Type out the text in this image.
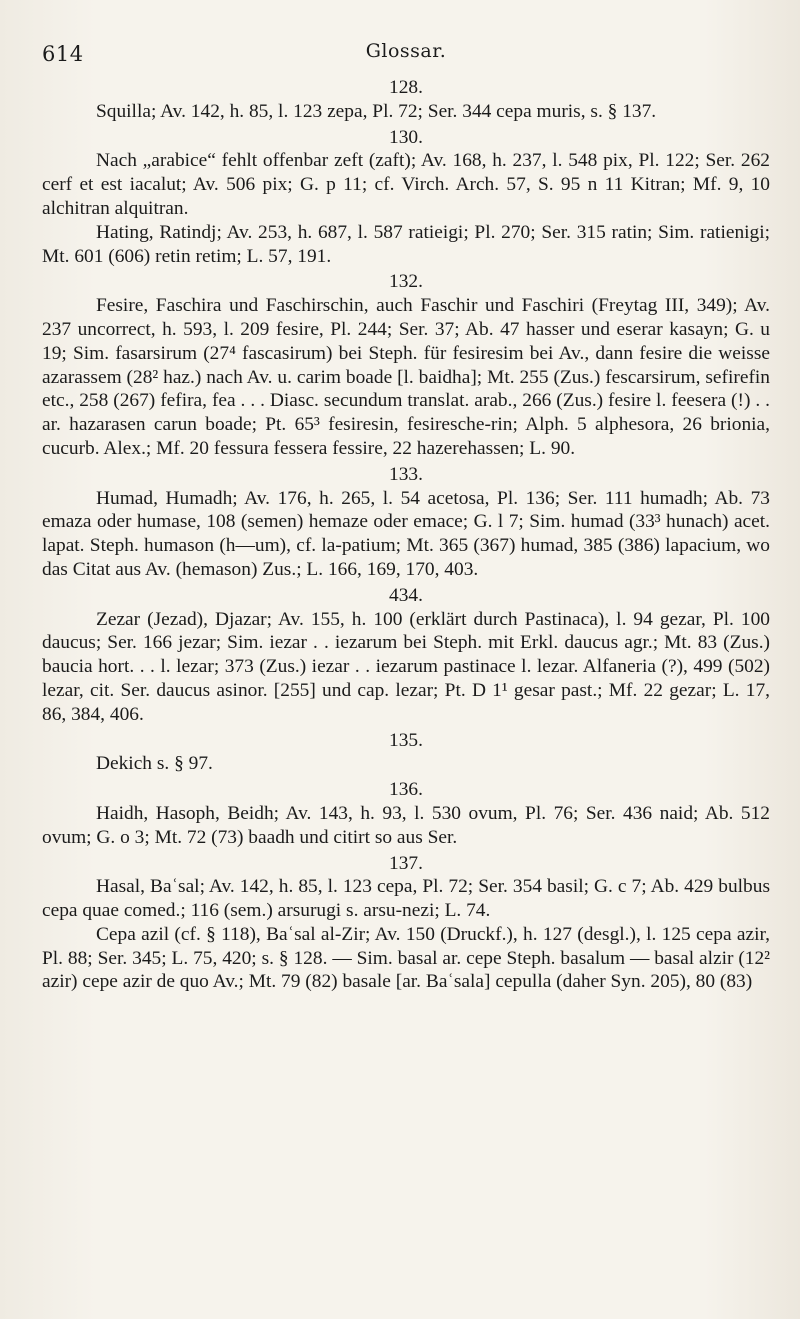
614	Glossar.
128.

Squilla; Av. 142, h. 85, l. 123 zepa, Pl. 72; Ser. 344 cepa muris, s. § 137.

130.

Nach „arabice“ fehlt offenbar zeft (zaft); Av. 168, h. 237, l. 548 pix, Pl. 122; Ser. 262 cerf et est iacalut; Av. 506 pix; G. p 11; cf. Virch. Arch. 57, S. 95 n 11 Kitran; Mf. 9, 10 alchitran alquitran.

Hating, Ratindj; Av. 253, h. 687, l. 587 ratieigi; Pl. 270; Ser. 315 ratin; Sim. ratienigi; Mt. 601 (606) retin retim; L. 57, 191.

132.

Fesire, Faschira und Faschirschin, auch Faschir und Faschiri (Freytag III, 349); Av. 237 uncorrect, h. 593, l. 209 fesire, Pl. 244; Ser. 37; Ab. 47 hasser und eserar kasayn; G. u 19; Sim. fasarsirum (27⁴ fascasirum) bei Steph. für fesiresim bei Av., dann fesire die weisse azarassem (28² haz.) nach Av. u. carim boade [l. baidha]; Mt. 255 (Zus.) fescarsirum, sefirefin etc., 258 (267) fefira, fea . . . Diasc. secundum translat. arab., 266 (Zus.) fesire l. feesera (!) . . ar. hazarasen carun boade; Pt. 65³ fesiresin, fesiresche-rin; Alph. 5 alphesora, 26 brionia, cucurb. Alex.; Mf. 20 fessura fessera fessire, 22 hazerehassen; L. 90.

133.

Humad, Humadh; Av. 176, h. 265, l. 54 acetosa, Pl. 136; Ser. 111 humadh; Ab. 73 emaza oder humase, 108 (semen) hemaze oder emace; G. l 7; Sim. humad (33³ hunach) acet. lapat. Steph. humason (h—um), cf. la-patium; Mt. 365 (367) humad, 385 (386) lapacium, wo das Citat aus Av. (hemason) Zus.; L. 166, 169, 170, 403.

434.

Zezar (Jezad), Djazar; Av. 155, h. 100 (erklärt durch Pastinaca), l. 94 gezar, Pl. 100 daucus; Ser. 166 jezar; Sim. iezar . . iezarum bei Steph. mit Erkl. daucus agr.; Mt. 83 (Zus.) baucia hort. . . l. lezar; 373 (Zus.) iezar . . iezarum pastinace l. lezar. Alfaneria (?), 499 (502) lezar, cit. Ser. daucus asinor. [255] und cap. lezar; Pt. D 1¹ gesar past.; Mf. 22 gezar; L. 17, 86, 384, 406.

135.

Dekich s. § 97.

136.

Haidh, Hasoph, Beidh; Av. 143, h. 93, l. 530 ovum, Pl. 76; Ser. 436 naid; Ab. 512 ovum; G. o 3; Mt. 72 (73) baadh und citirt so aus Ser.

137.

Hasal, Baʿsal; Av. 142, h. 85, l. 123 cepa, Pl. 72; Ser. 354 basil; G. c 7; Ab. 429 bulbus cepa quae comed.; 116 (sem.) arsurugi s. arsu-nezi; L. 74.

Cepa azil (cf. § 118), Baʿsal al-Zir; Av. 150 (Druckf.), h. 127 (desgl.), l. 125 cepa azir, Pl. 88; Ser. 345; L. 75, 420; s. § 128. — Sim. basal ar. cepe Steph. basalum — basal alzir (12² azir) cepe azir de quo Av.; Mt. 79 (82) basale [ar. Baʿsala] cepulla (daher Syn. 205), 80 (83)
